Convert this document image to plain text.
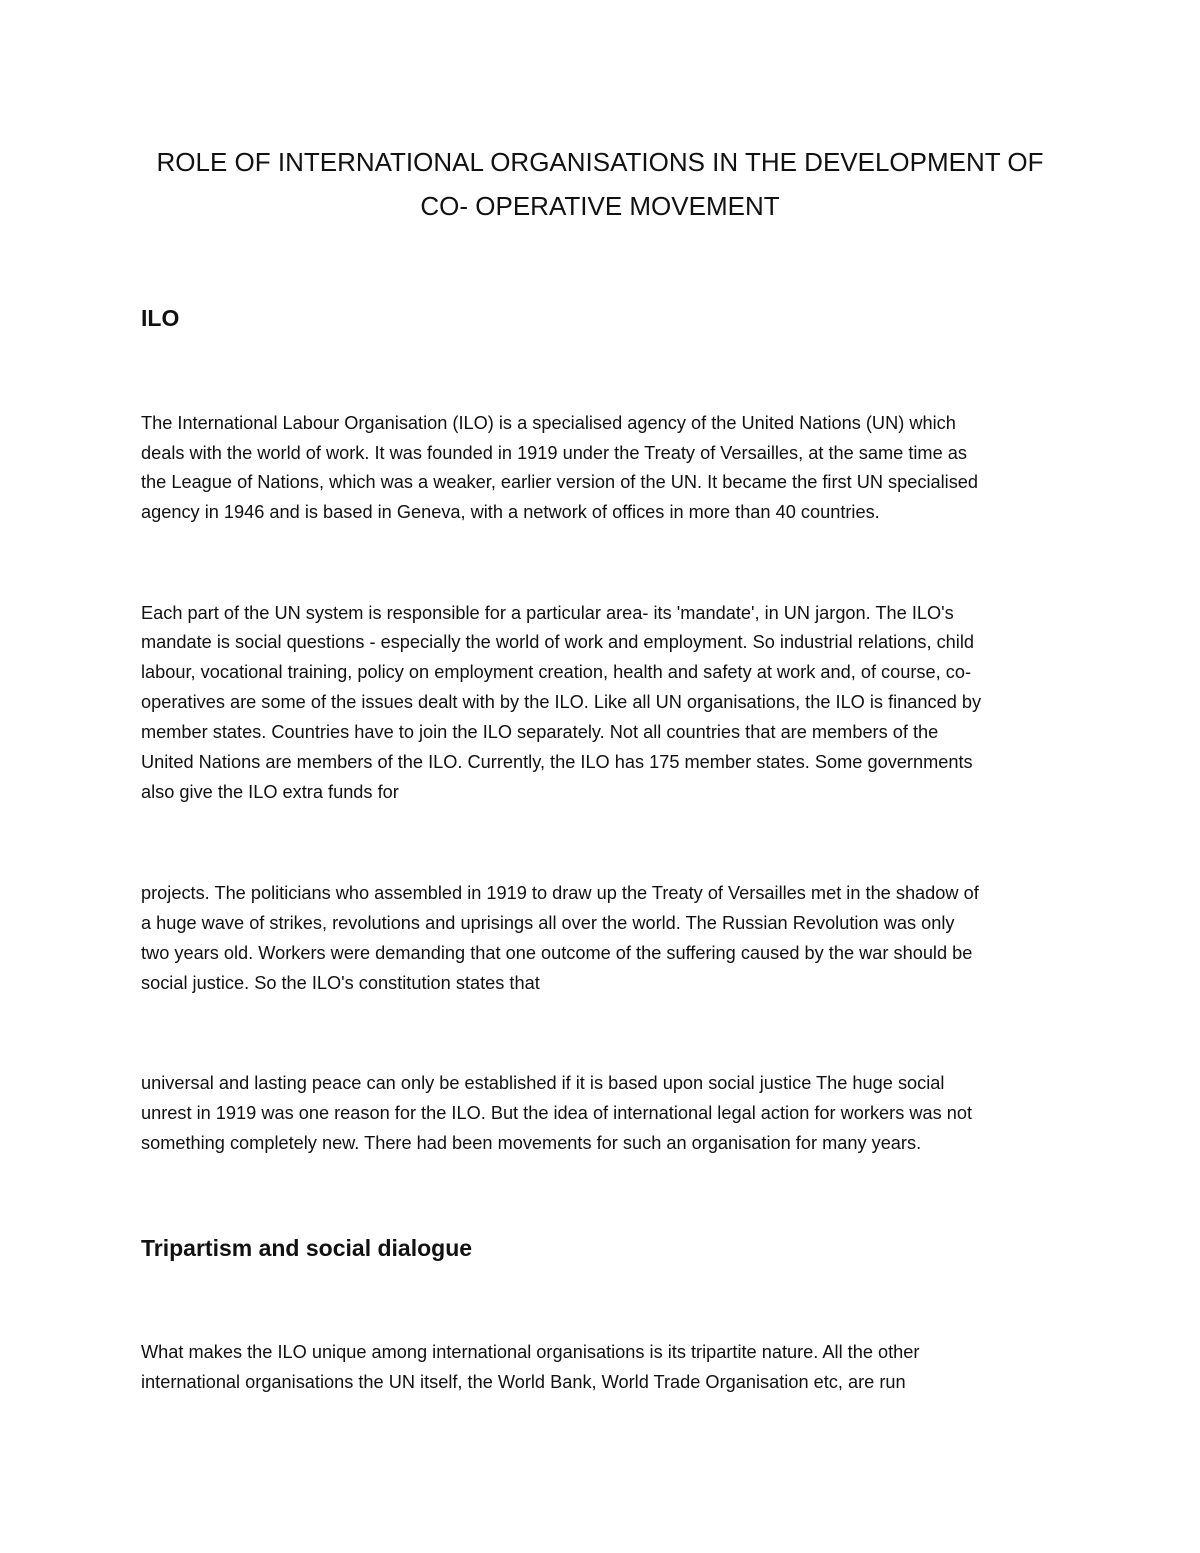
ROLE OF INTERNATIONAL ORGANISATIONS IN THE DEVELOPMENT OF
CO- OPERATIVE MOVEMENT
ILO
The International Labour Organisation (ILO) is a specialised agency of the United Nations (UN) which
deals with the world of work. It was founded in 1919 under the Treaty of Versailles, at the same time as
the League of Nations, which was a weaker, earlier version of the UN. It became the first UN specialised
agency in 1946 and is based in Geneva, with a network of offices in more than 40 countries.
Each part of the UN system is responsible for a particular area- its 'mandate', in UN jargon. The ILO's
mandate is social questions - especially the world of work and employment. So industrial relations, child
labour, vocational training, policy on employment creation, health and safety at work and, of course, co-
operatives are some of the issues dealt with by the ILO. Like all UN organisations, the ILO is financed by
member states. Countries have to join the ILO separately. Not all countries that are members of the
United Nations are members of the ILO. Currently, the ILO has 175 member states. Some governments
also give the ILO extra funds for
projects. The politicians who assembled in 1919 to draw up the Treaty of Versailles met in the shadow of
a huge wave of strikes, revolutions and uprisings all over the world. The Russian Revolution was only
two years old. Workers were demanding that one outcome of the suffering caused by the war should be
social justice. So the ILO's constitution states that
universal and lasting peace can only be established if it is based upon social justice The huge social
unrest in 1919 was one reason for the ILO. But the idea of international legal action for workers was not
something completely new. There had been movements for such an organisation for many years.
Tripartism and social dialogue
What makes the ILO unique among international organisations is its tripartite nature. All the other
international organisations the UN itself, the World Bank, World Trade Organisation etc, are run
